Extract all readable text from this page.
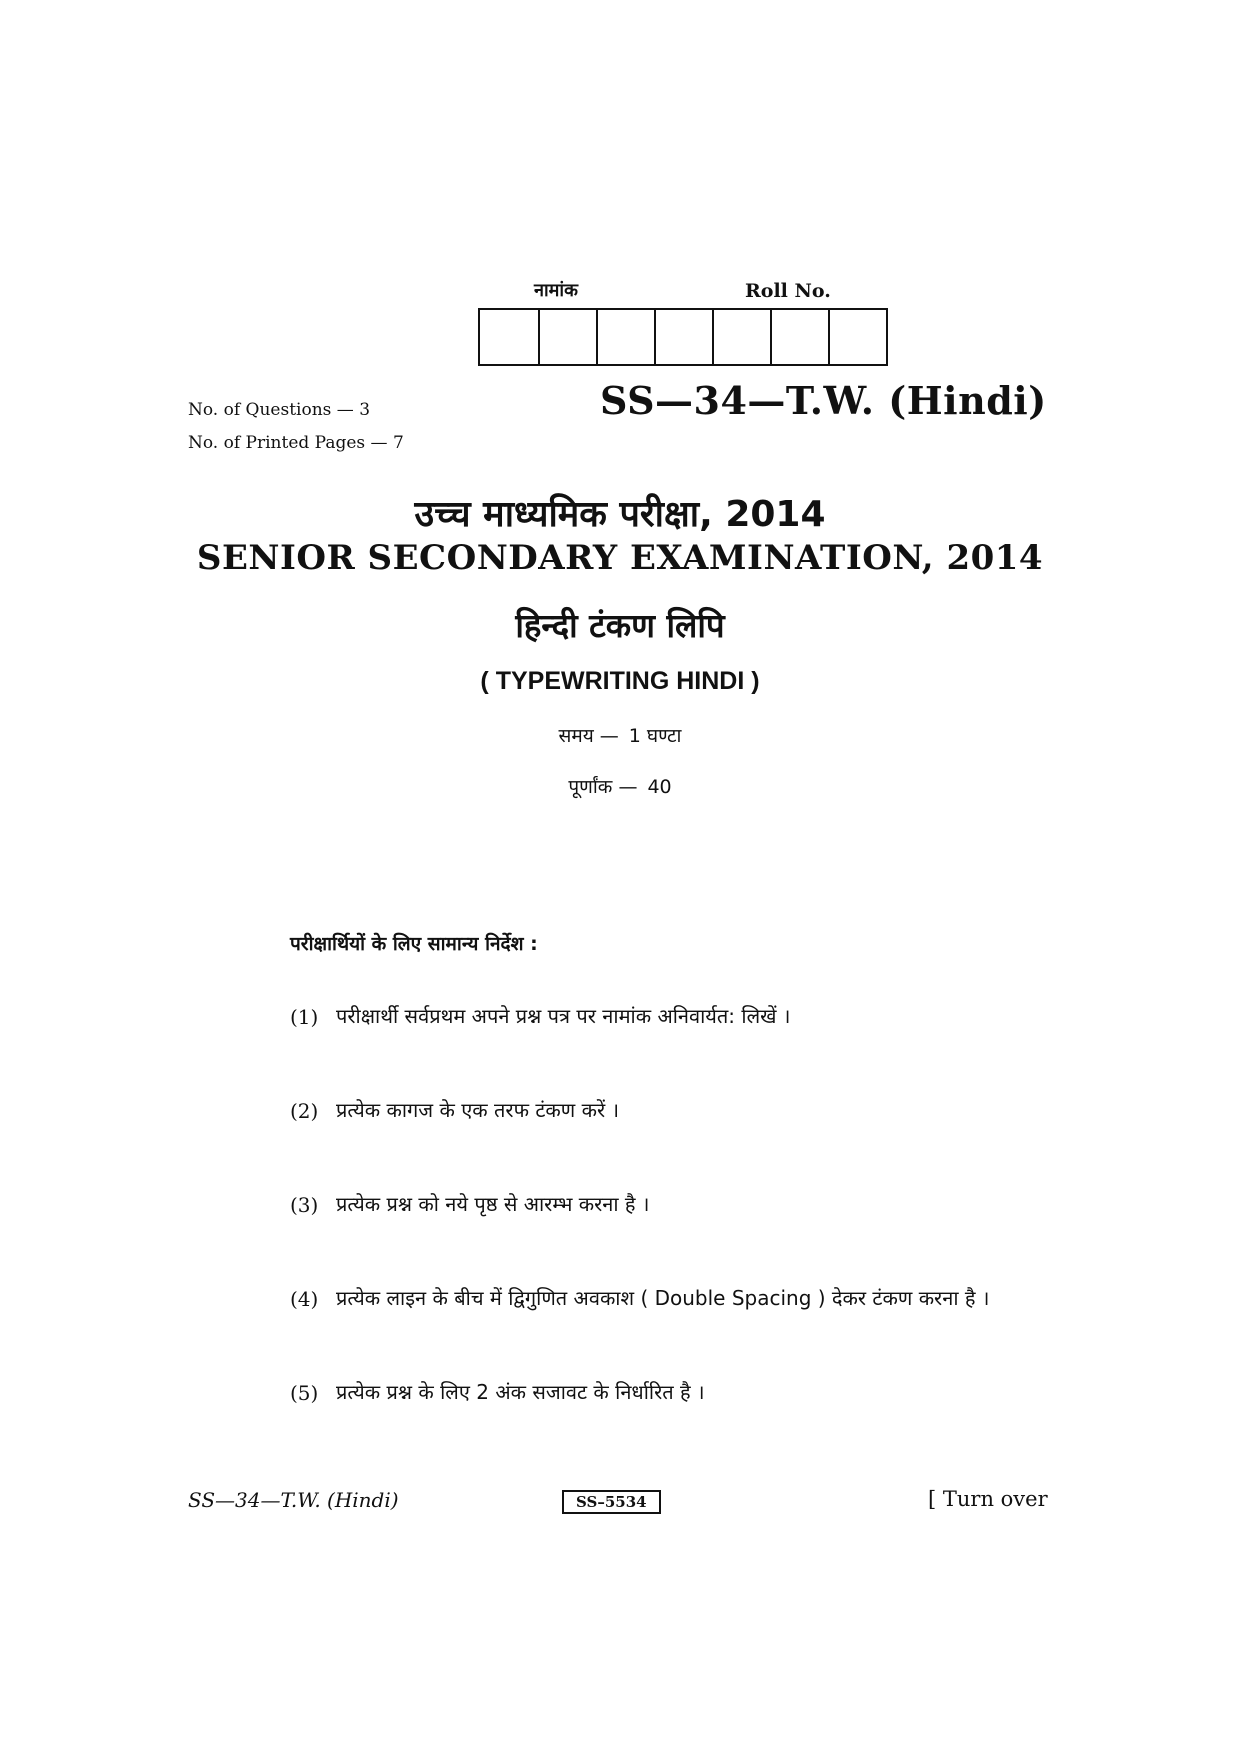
नामांक	Roll No.
No. of Questions — 3
No. of Printed Pages — 7
SS—34—T.W. (Hindi)
उच्च माध्यमिक परीक्षा, 2014
SENIOR SECONDARY EXAMINATION, 2014
हिन्दी टंकण लिपि
( TYPEWRITING HINDI )
समय — 1 घण्टा
पूर्णांक — 40
परीक्षार्थियों के लिए सामान्य निर्देश :
(1) परीक्षार्थी सर्वप्रथम अपने प्रश्न पत्र पर नामांक अनिवार्यत: लिखें ।
(2) प्रत्येक कागज के एक तरफ टंकण करें ।
(3) प्रत्येक प्रश्न को नये पृष्ठ से आरम्भ करना है ।
(4) प्रत्येक लाइन के बीच में द्विगुणित अवकाश ( Double Spacing ) देकर टंकण करना है ।
(5) प्रत्येक प्रश्न के लिए 2 अंक सजावट के निर्धारित है ।
SS—34—T.W. (Hindi)	SS–5534	[ Turn over
